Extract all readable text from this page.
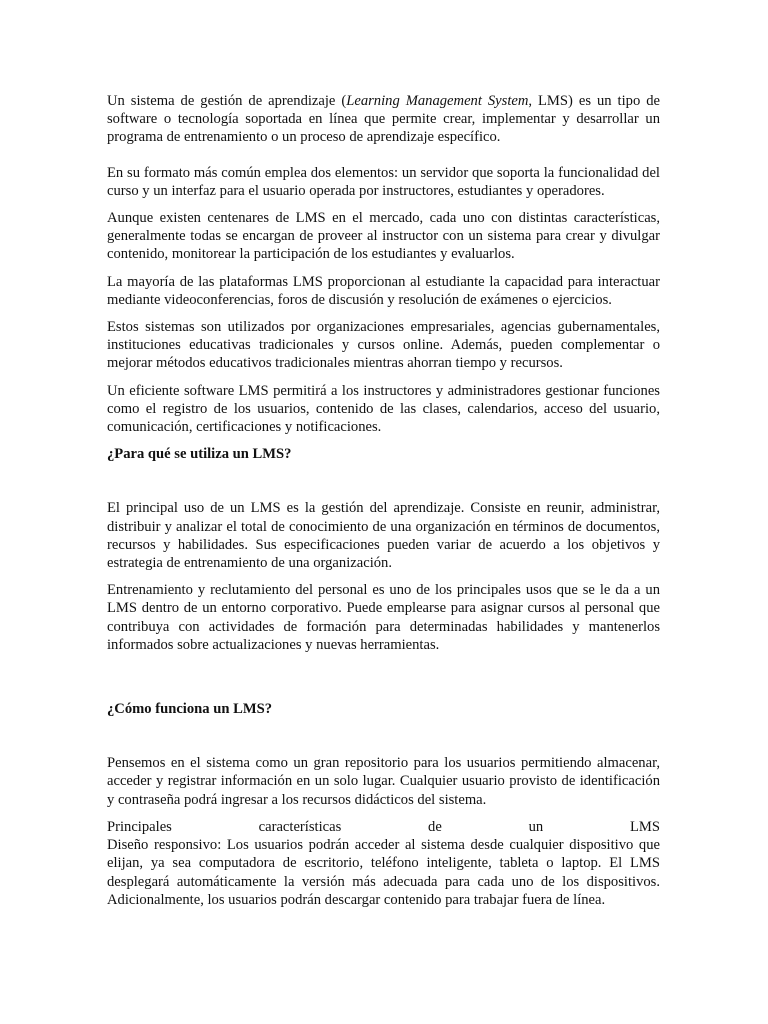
Un sistema de gestión de aprendizaje (Learning Management System, LMS) es un tipo de software o tecnología soportada en línea que permite crear, implementar y desarrollar un programa de entrenamiento o un proceso de aprendizaje específico.

En su formato más común emplea dos elementos: un servidor que soporta la funcionalidad del curso y un interfaz para el usuario operada por instructores, estudiantes y operadores.

Aunque existen centenares de LMS en el mercado, cada uno con distintas características, generalmente todas se encargan de proveer al instructor con un sistema para crear y divulgar contenido, monitorear la participación de los estudiantes y evaluarlos.

La mayoría de las plataformas LMS proporcionan al estudiante la capacidad para interactuar mediante videoconferencias, foros de discusión y resolución de exámenes o ejercicios.

Estos sistemas son utilizados por organizaciones empresariales, agencias gubernamentales, instituciones educativas tradicionales y cursos online. Además, pueden complementar o mejorar métodos educativos tradicionales mientras ahorran tiempo y recursos.

Un eficiente software LMS permitirá a los instructores y administradores gestionar funciones como el registro de los usuarios, contenido de las clases, calendarios, acceso del usuario, comunicación, certificaciones y notificaciones.

¿Para qué se utiliza un LMS?

El principal uso de un LMS es la gestión del aprendizaje. Consiste en reunir, administrar, distribuir y analizar el total de conocimiento de una organización en términos de documentos, recursos y habilidades. Sus especificaciones pueden variar de acuerdo a los objetivos y estrategia de entrenamiento de una organización.

Entrenamiento y reclutamiento del personal es uno de los principales usos que se le da a un LMS dentro de un entorno corporativo. Puede emplearse para asignar cursos al personal que contribuya con actividades de formación para determinadas habilidades y mantenerlos informados sobre actualizaciones y nuevas herramientas.

¿Cómo funciona un LMS?

Pensemos en el sistema como un gran repositorio para los usuarios permitiendo almacenar, acceder y registrar información en un solo lugar. Cualquier usuario provisto de identificación y contraseña podrá ingresar a los recursos didácticos del sistema.

Principales características de un LMS

Diseño responsivo: Los usuarios podrán acceder al sistema desde cualquier dispositivo que elijan, ya sea computadora de escritorio, teléfono inteligente, tableta o laptop. El LMS desplegará automáticamente la versión más adecuada para cada uno de los dispositivos. Adicionalmente, los usuarios podrán descargar contenido para trabajar fuera de línea.
